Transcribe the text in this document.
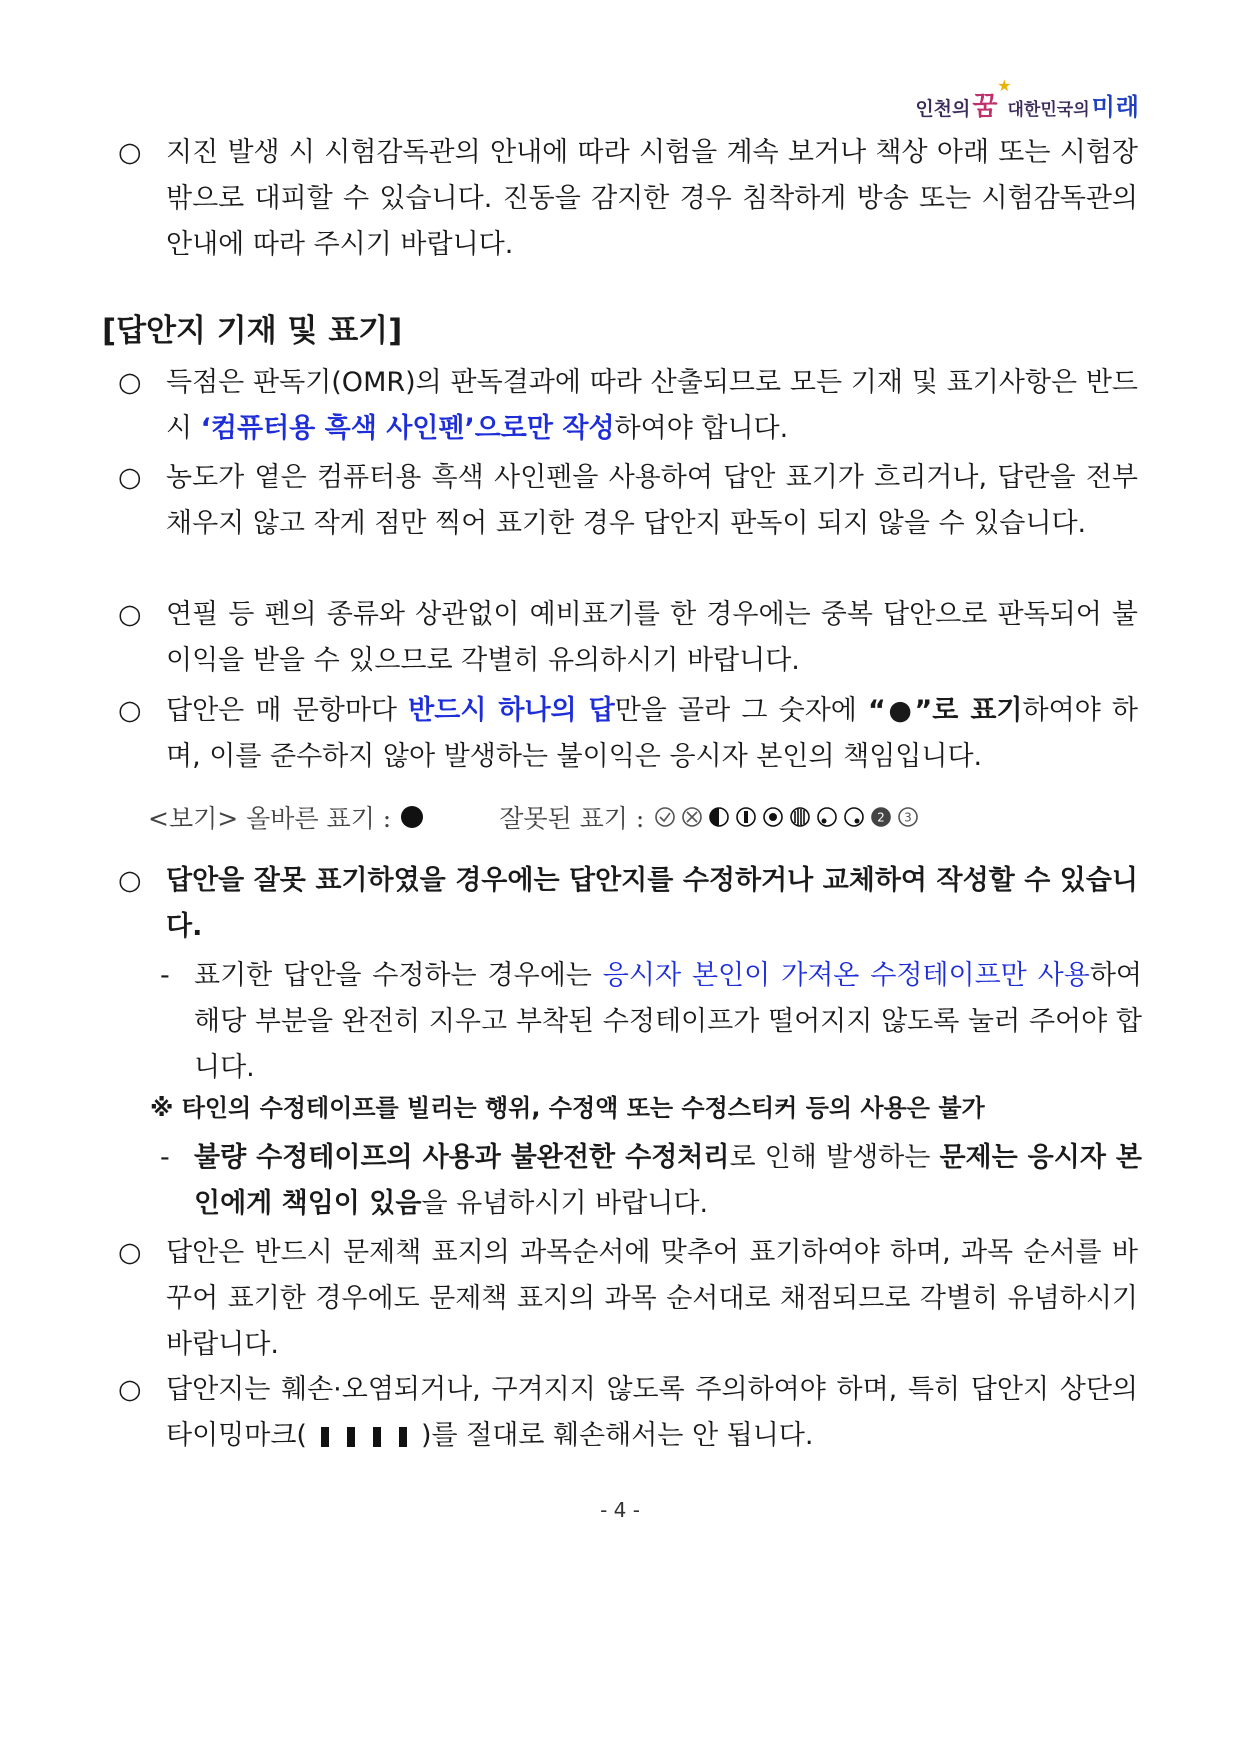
인천의 꿈
★
대한민국의 미래
○ 지진 발생 시 시험감독관의 안내에 따라 시험을 계속 보거나 책상 아래 또는 시험장 밖으로 대피할 수 있습니다. 진동을 감지한 경우 침착하게 방송 또는 시험감독관의 안내에 따라 주시기 바랍니다.
[답안지 기재 및 표기]
○ 득점은 판독기(OMR)의 판독결과에 따라 산출되므로 모든 기재 및 표기사항은 반드시 ‘컴퓨터용 흑색 사인펜’으로만 작성하여야 합니다.
○ 농도가 옅은 컴퓨터용 흑색 사인펜을 사용하여 답안 표기가 흐리거나, 답란을 전부 채우지 않고 작게 점만 찍어 표기한 경우 답안지 판독이 되지 않을 수 있습니다.
○ 연필 등 펜의 종류와 상관없이 예비표기를 한 경우에는 중복 답안으로 판독되어 불이익을 받을 수 있으므로 각별히 유의하시기 바랍니다.
○ 답안은 매 문항마다 반드시 하나의 답만을 골라 그 숫자에 “●”로 표기하여야 하며, 이를 준수하지 않아 발생하는 불이익은 응시자 본인의 책임입니다.
<보기> 올바른 표기 :	잘못된 표기 :	2 3
○ 답안을 잘못 표기하였을 경우에는 답안지를 수정하거나 교체하여 작성할 수 있습니다.
- 표기한 답안을 수정하는 경우에는 응시자 본인이 가져온 수정테이프만 사용하여 해당 부분을 완전히 지우고 부착된 수정테이프가 떨어지지 않도록 눌러 주어야 합니다.
※ 타인의 수정테이프를 빌리는 행위, 수정액 또는 수정스티커 등의 사용은 불가
- 불량 수정테이프의 사용과 불완전한 수정처리로 인해 발생하는 문제는 응시자 본인에게 책임이 있음을 유념하시기 바랍니다.
○ 답안은 반드시 문제책 표지의 과목순서에 맞추어 표기하여야 하며, 과목 순서를 바꾸어 표기한 경우에도 문제책 표지의 과목 순서대로 채점되므로 각별히 유념하시기 바랍니다.
○ 답안지는 훼손·오염되거나, 구겨지지 않도록 주의하여야 하며, 특히 답안지 상단의 타이밍마크(	)를 절대로 훼손해서는 안 됩니다.
- 4 -
